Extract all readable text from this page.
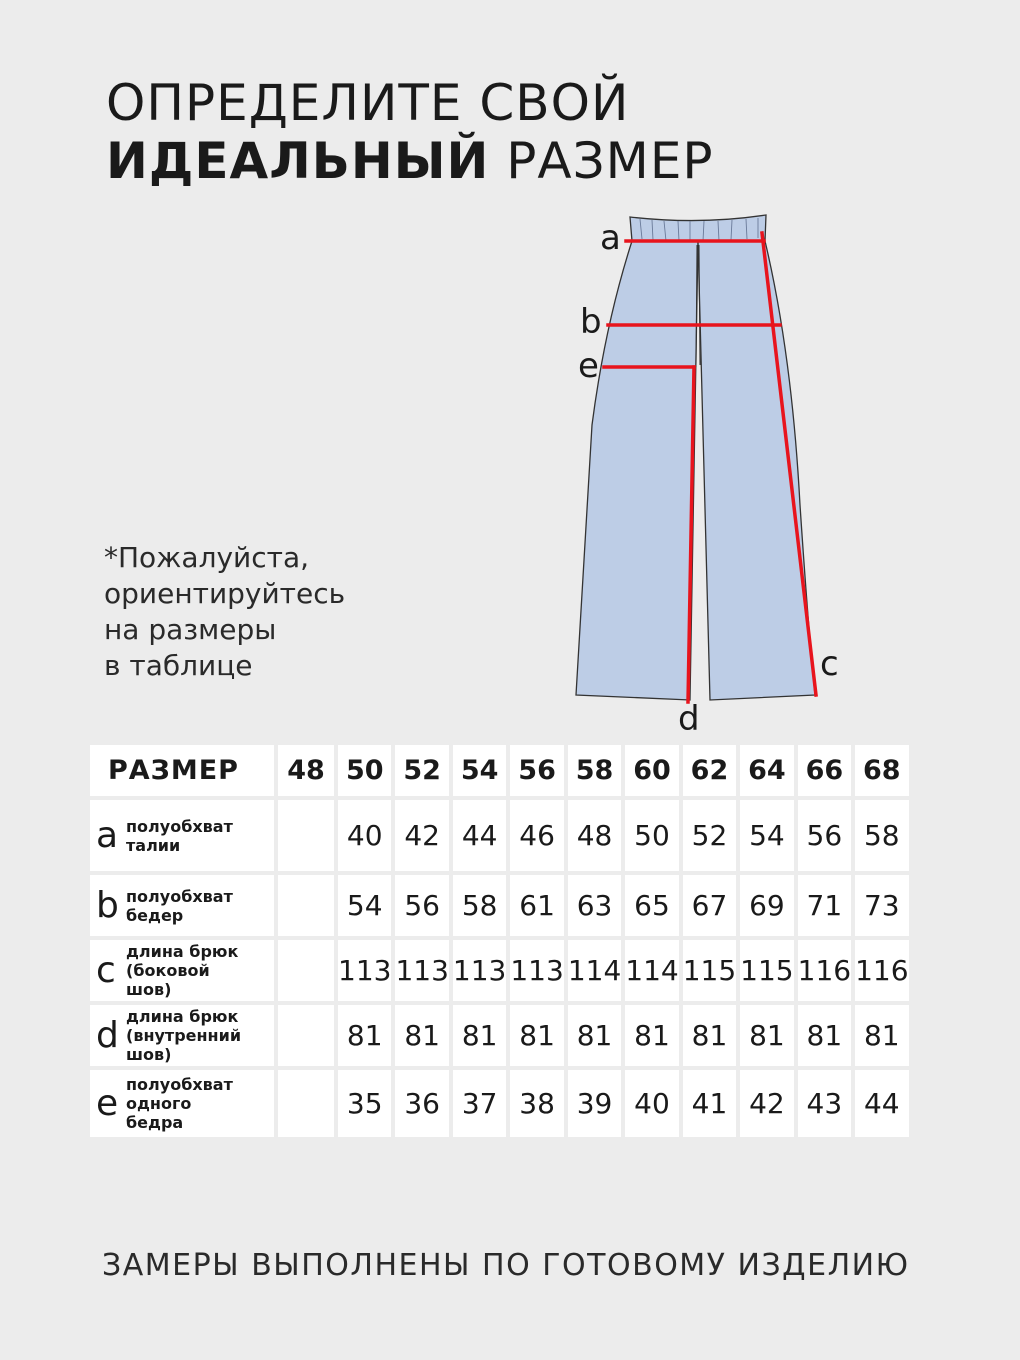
ОПРЕДЕЛИТЕ СВОЙ
ИДЕАЛЬНЫЙ РАЗМЕР
*Пожалуйста,
ориентируйтесь
на размеры
в таблице
a
b
e
c
d
РАЗМЕР	48	50	52	54	56	58	60	62	64	66	68

a полуобхват
талии		40	42	44	46	48	50	52	54	56	58

b полуобхват
бедер		54	56	58	61	63	65	67	69	71	73

c длина брюк
(боковой
шов)		113	113	113	113	114	114	115	115	116	116

d длина брюк
(внутренний
шов)		81	81	81	81	81	81	81	81	81	81

e полуобхват
одного
бедра		35	36	37	38	39	40	41	42	43	44
ЗАМЕРЫ ВЫПОЛНЕНЫ ПО ГОТОВОМУ ИЗДЕЛИЮ
